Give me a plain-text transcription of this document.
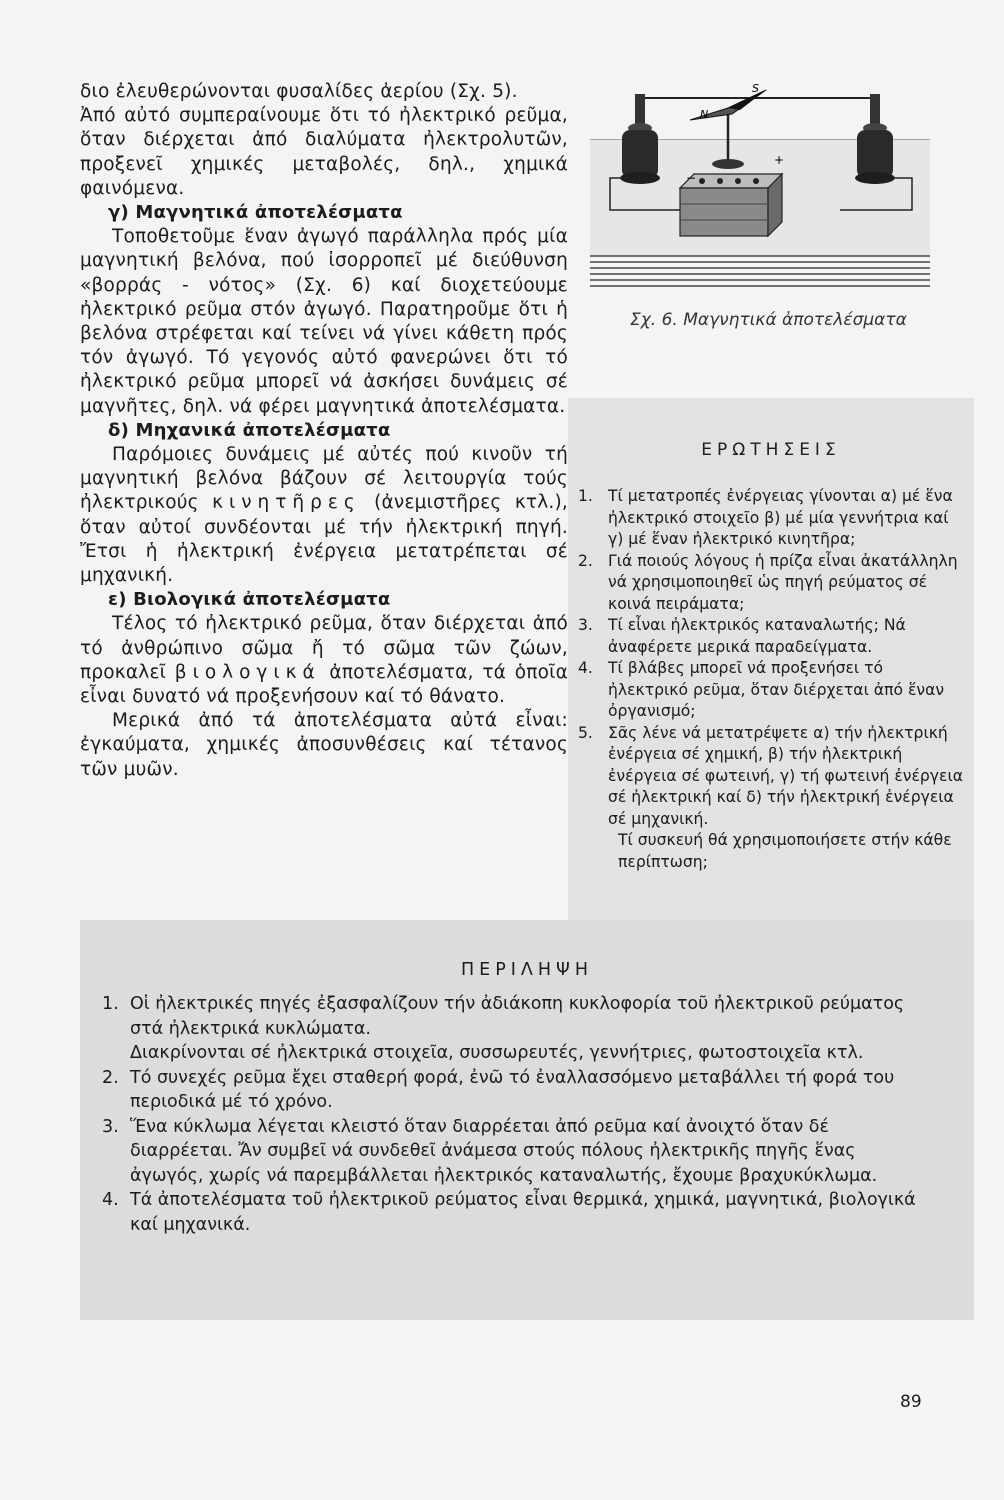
διο ἐλευθερώνονται φυσαλίδες ἀερίου (Σχ. 5).

Ἀπό αὐτό συμπεραίνουμε ὅτι τό ἠλεκτρικό ρεῦμα, ὅταν διέρχεται ἀπό διαλύματα ἠλεκτρολυτῶν, προξενεῖ χημικές μεταβολές, δηλ., χημικά φαινόμενα.

γ) Μαγνητικά ἀποτελέσματα

Τοποθετοῦμε ἕναν ἀγωγό παράλληλα πρός μία μαγνητική βελόνα, πού ἰσορροπεῖ μέ διεύθυνση «βορράς - νότος» (Σχ. 6) καί διοχετεύουμε ἠλεκτρικό ρεῦμα στόν ἀγωγό. Παρατηροῦμε ὅτι ἡ βελόνα στρέφεται καί τείνει νά γίνει κάθετη πρός τόν ἀγωγό. Τό γεγονός αὐτό φανερώνει ὅτι τό ἠλεκτρικό ρεῦμα μπορεῖ νά ἀσκήσει δυνάμεις σέ μαγνῆτες, δηλ. νά φέρει μαγνητικά ἀποτελέσματα.

δ) Μηχανικά ἀποτελέσματα

Παρόμοιες δυνάμεις μέ αὐτές πού κινοῦν τή μαγνητική βελόνα βάζουν σέ λειτουργία τούς ἠλεκτρικούς κινητῆρες (ἀνεμιστῆρες κτλ.), ὅταν αὐτοί συνδέονται μέ τήν ἠλεκτρική πηγή. Ἔτσι ἡ ἠλεκτρική ἐνέργεια μετατρέπεται σέ μηχανική.

ε) Βιολογικά ἀποτελέσματα

Τέλος τό ἠλεκτρικό ρεῦμα, ὅταν διέρχεται ἀπό τό ἀνθρώπινο σῶμα ἤ τό σῶμα τῶν ζώων, προκαλεῖ βιολογικά ἀποτελέσματα, τά ὁποῖα εἶναι δυνατό νά προξενήσουν καί τό θάνατο.

Μερικά ἀπό τά ἀποτελέσματα αὐτά εἶναι: ἐγκαύματα, χημικές ἀποσυνθέσεις καί τέτανος τῶν μυῶν.

N
S
+
−
Σχ. 6. Μαγνητικά ἀποτελέσματα
ΕΡΩΤΗΣΕΙΣ
1. Τί μετατροπές ἐνέργειας γίνονται α) μέ ἕνα ἠλεκτρικό στοιχεῖο β) μέ μία γεννήτρια καί γ) μέ ἕναν ἠλεκτρικό κινητῆρα;
2. Γιά ποιούς λόγους ἡ πρίζα εἶναι ἀκατάλληλη νά χρησιμοποιηθεῖ ὡς πηγή ρεύματος σέ κοινά πειράματα;
3. Τί εἶναι ἠλεκτρικός καταναλωτής; Νά ἀναφέρετε μερικά παραδείγματα.
4. Τί βλάβες μπορεῖ νά προξενήσει τό ἠλεκτρικό ρεῦμα, ὅταν διέρχεται ἀπό ἕναν ὀργανισμό;
5. Σᾶς λένε νά μετατρέψετε α) τήν ἠλεκτρική ἐνέργεια σέ χημική, β) τήν ἠλεκτρική ἐνέργεια σέ φωτεινή, γ) τή φωτεινή ἐνέργεια σέ ἠλεκτρική καί δ) τήν ἠλεκτρική ἐνέργεια σέ μηχανική.
Τί συσκευή θά χρησιμοποιήσετε στήν κάθε περίπτωση;
ΠΕΡΙΛΗΨΗ
1. Οἱ ἠλεκτρικές πηγές ἐξασφαλίζουν τήν ἀδιάκοπη κυκλοφορία τοῦ ἠλεκτρικοῦ ρεύματος στά ἠλεκτρικά κυκλώματα.
Διακρίνονται σέ ἠλεκτρικά στοιχεῖα, συσσωρευτές, γεννήτριες, φωτοστοιχεῖα κτλ.
2. Τό συνεχές ρεῦμα ἔχει σταθερή φορά, ἐνῶ τό ἐναλλασσόμενο μεταβάλλει τή φορά του περιοδικά μέ τό χρόνο.
3. Ἕνα κύκλωμα λέγεται κλειστό ὅταν διαρρέεται ἀπό ρεῦμα καί ἀνοιχτό ὅταν δέ διαρρέεται. Ἄν συμβεῖ νά συνδεθεῖ ἀνάμεσα στούς πόλους ἠλεκτρικῆς πηγῆς ἕνας ἀγωγός, χωρίς νά παρεμβάλλεται ἠλεκτρικός καταναλωτής, ἔχουμε βραχυκύκλωμα.
4. Τά ἀποτελέσματα τοῦ ἠλεκτρικοῦ ρεύματος εἶναι θερμικά, χημικά, μαγνητικά, βιολογικά καί μηχανικά.
89
